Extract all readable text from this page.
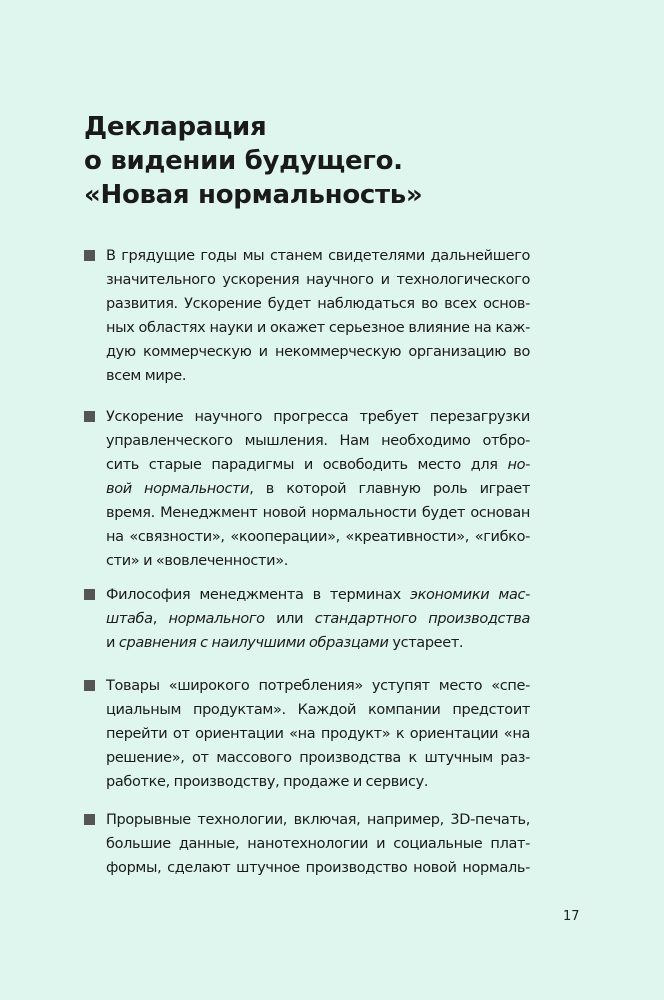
Декларация
о видении будущего.
«Новая нормальность»
В грядущие годы мы станем свидетелями дальнейшего
значительного ускорения научного и технологического
развития. Ускорение будет наблюдаться во всех основ-
ных областях науки и окажет серьезное влияние на каж-
дую коммерческую и некоммерческую организацию во
всем мире.
Ускорение научного прогресса требует перезагрузки
управленческого мышления. Нам необходимо отбро-
сить старые парадигмы и освободить место для но-
вой нормальности, в которой главную роль играет
время. Менеджмент новой нормальности будет основан
на «связности», «кооперации», «креативности», «гибко-
сти» и «вовлеченности».
Философия менеджмента в терминах экономики мас-
штаба, нормального или стандартного производства
и сравнения с наилучшими образцами устареет.
Товары «широкого потребления» уступят место «спе-
циальным продуктам». Каждой компании предстоит
перейти от ориентации «на продукт» к ориентации «на
решение», от массового производства к штучным раз-
работке, производству, продаже и сервису.
Прорывные технологии, включая, например, 3D-печать,
большие данные, нанотехнологии и социальные плат-
формы, сделают штучное производство новой нормаль-
17
